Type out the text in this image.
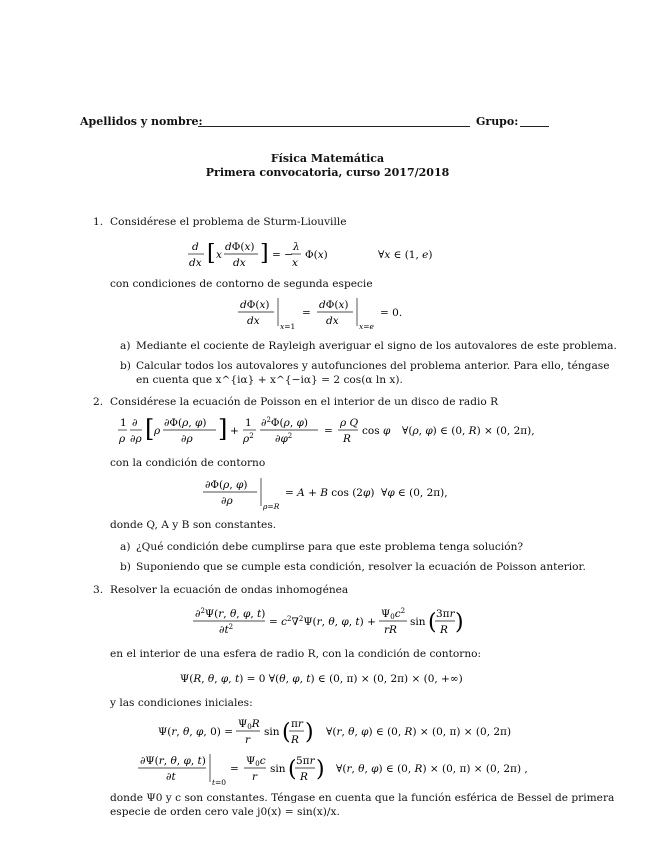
Apellidos y nombre:	Grupo:
Física Matemática
Primera convocatoria, curso 2017/2018
1. Considérese el problema de Sturm-Liouville
d
dx [ x
dΦ(x)
dx ] = −
λ
x
Φ(x)	∀x ∈ (1, e)
con condiciones de contorno de segunda especie
dΦ(x)
dx	x=1
=
dΦ(x)
dx	x=e
= 0.
a) Mediante el cociente de Rayleigh averiguar el signo de los autovalores de este problema.
b) Calcular todos los autovalores y autofunciones del problema anterior. Para ello, téngase
en cuenta que x^{iα} + x^{−iα} = 2 cos(α ln x).
2. Considérese la ecuación de Poisson en el interior de un disco de radio R
1
ρ
∂
∂ρ [ ρ
∂Φ(ρ, φ)
∂ρ ] +
1
$\rho^2$
∂$^2$Φ(ρ, φ)
$\partial\varphi^2$	=
ρ Q
R
cos φ ∀(ρ, φ) ∈ (0, R) × (0, 2π),
con la condición de contorno
∂Φ(ρ, φ)
∂ρ	ρ=R
= A + B cos (2φ) ∀φ ∈ (0, 2π),
donde Q, A y B son constantes.
a) ¿Qué condición debe cumplirse para que este problema tenga solución?
b) Suponiendo que se cumple esta condición, resolver la ecuación de Poisson anterior.
3. Resolver la ecuación de ondas inhomogénea
∂$^2$Ψ(r, θ, φ, t)
$\partial t^2$	= $c^2\nabla^2\Psi(r$, θ, φ, t) +
$\Psi 0c^2$
rR
sin ( 3πr
R )
en el interior de una esfera de radio R, con la condición de contorno:
Ψ(R, θ, φ, t) = 0 ∀(θ, φ, t) ∈ (0, π) × (0, 2π) × (0, +∞)
y las condiciones iniciales:
Ψ(r, θ, φ, 0) =
Ψ0R
r
sin ( πr
R ) ∀(r, θ, φ) ∈ (0, R) × (0, π) × (0, 2π)
∂Ψ(r, θ, φ, t)
∂t	t=0
=
Ψ0c
r
sin ( 5πr
R ) ∀(r, θ, φ) ∈ (0, R) × (0, π) × (0, 2π) ,
donde Ψ0 y c son constantes. Téngase en cuenta que la función esférica de Bessel de primera
especie de orden cero vale j0(x) = sin(x)/x.
